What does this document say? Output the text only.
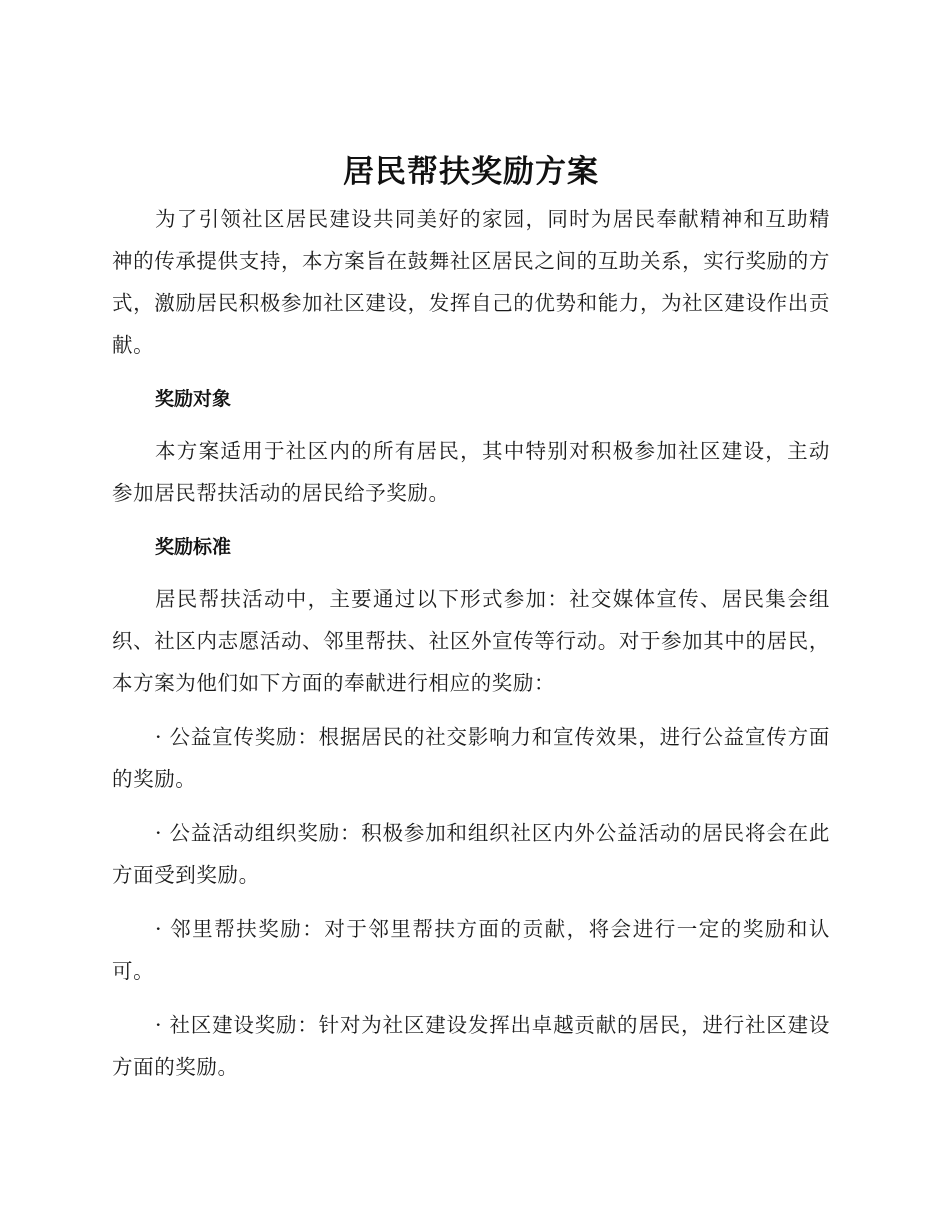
居民帮扶奖励方案

为了引领社区居民建设共同美好的家园，同时为居民奉献精神和互助精神的传承提供支持，本方案旨在鼓舞社区居民之间的互助关系，实行奖励的方式，激励居民积极参加社区建设，发挥自己的优势和能力，为社区建设作出贡献。

奖励对象

本方案适用于社区内的所有居民，其中特别对积极参加社区建设，主动参加居民帮扶活动的居民给予奖励。

奖励标准

居民帮扶活动中，主要通过以下形式参加：社交媒体宣传、居民集会组织、社区内志愿活动、邻里帮扶、社区外宣传等行动。对于参加其中的居民，本方案为他们如下方面的奉献进行相应的奖励：

· 公益宣传奖励：根据居民的社交影响力和宣传效果，进行公益宣传方面的奖励。
· 公益活动组织奖励：积极参加和组织社区内外公益活动的居民将会在此方面受到奖励。
· 邻里帮扶奖励：对于邻里帮扶方面的贡献，将会进行一定的奖励和认可。
· 社区建设奖励：针对为社区建设发挥出卓越贡献的居民，进行社区建设方面的奖励。
